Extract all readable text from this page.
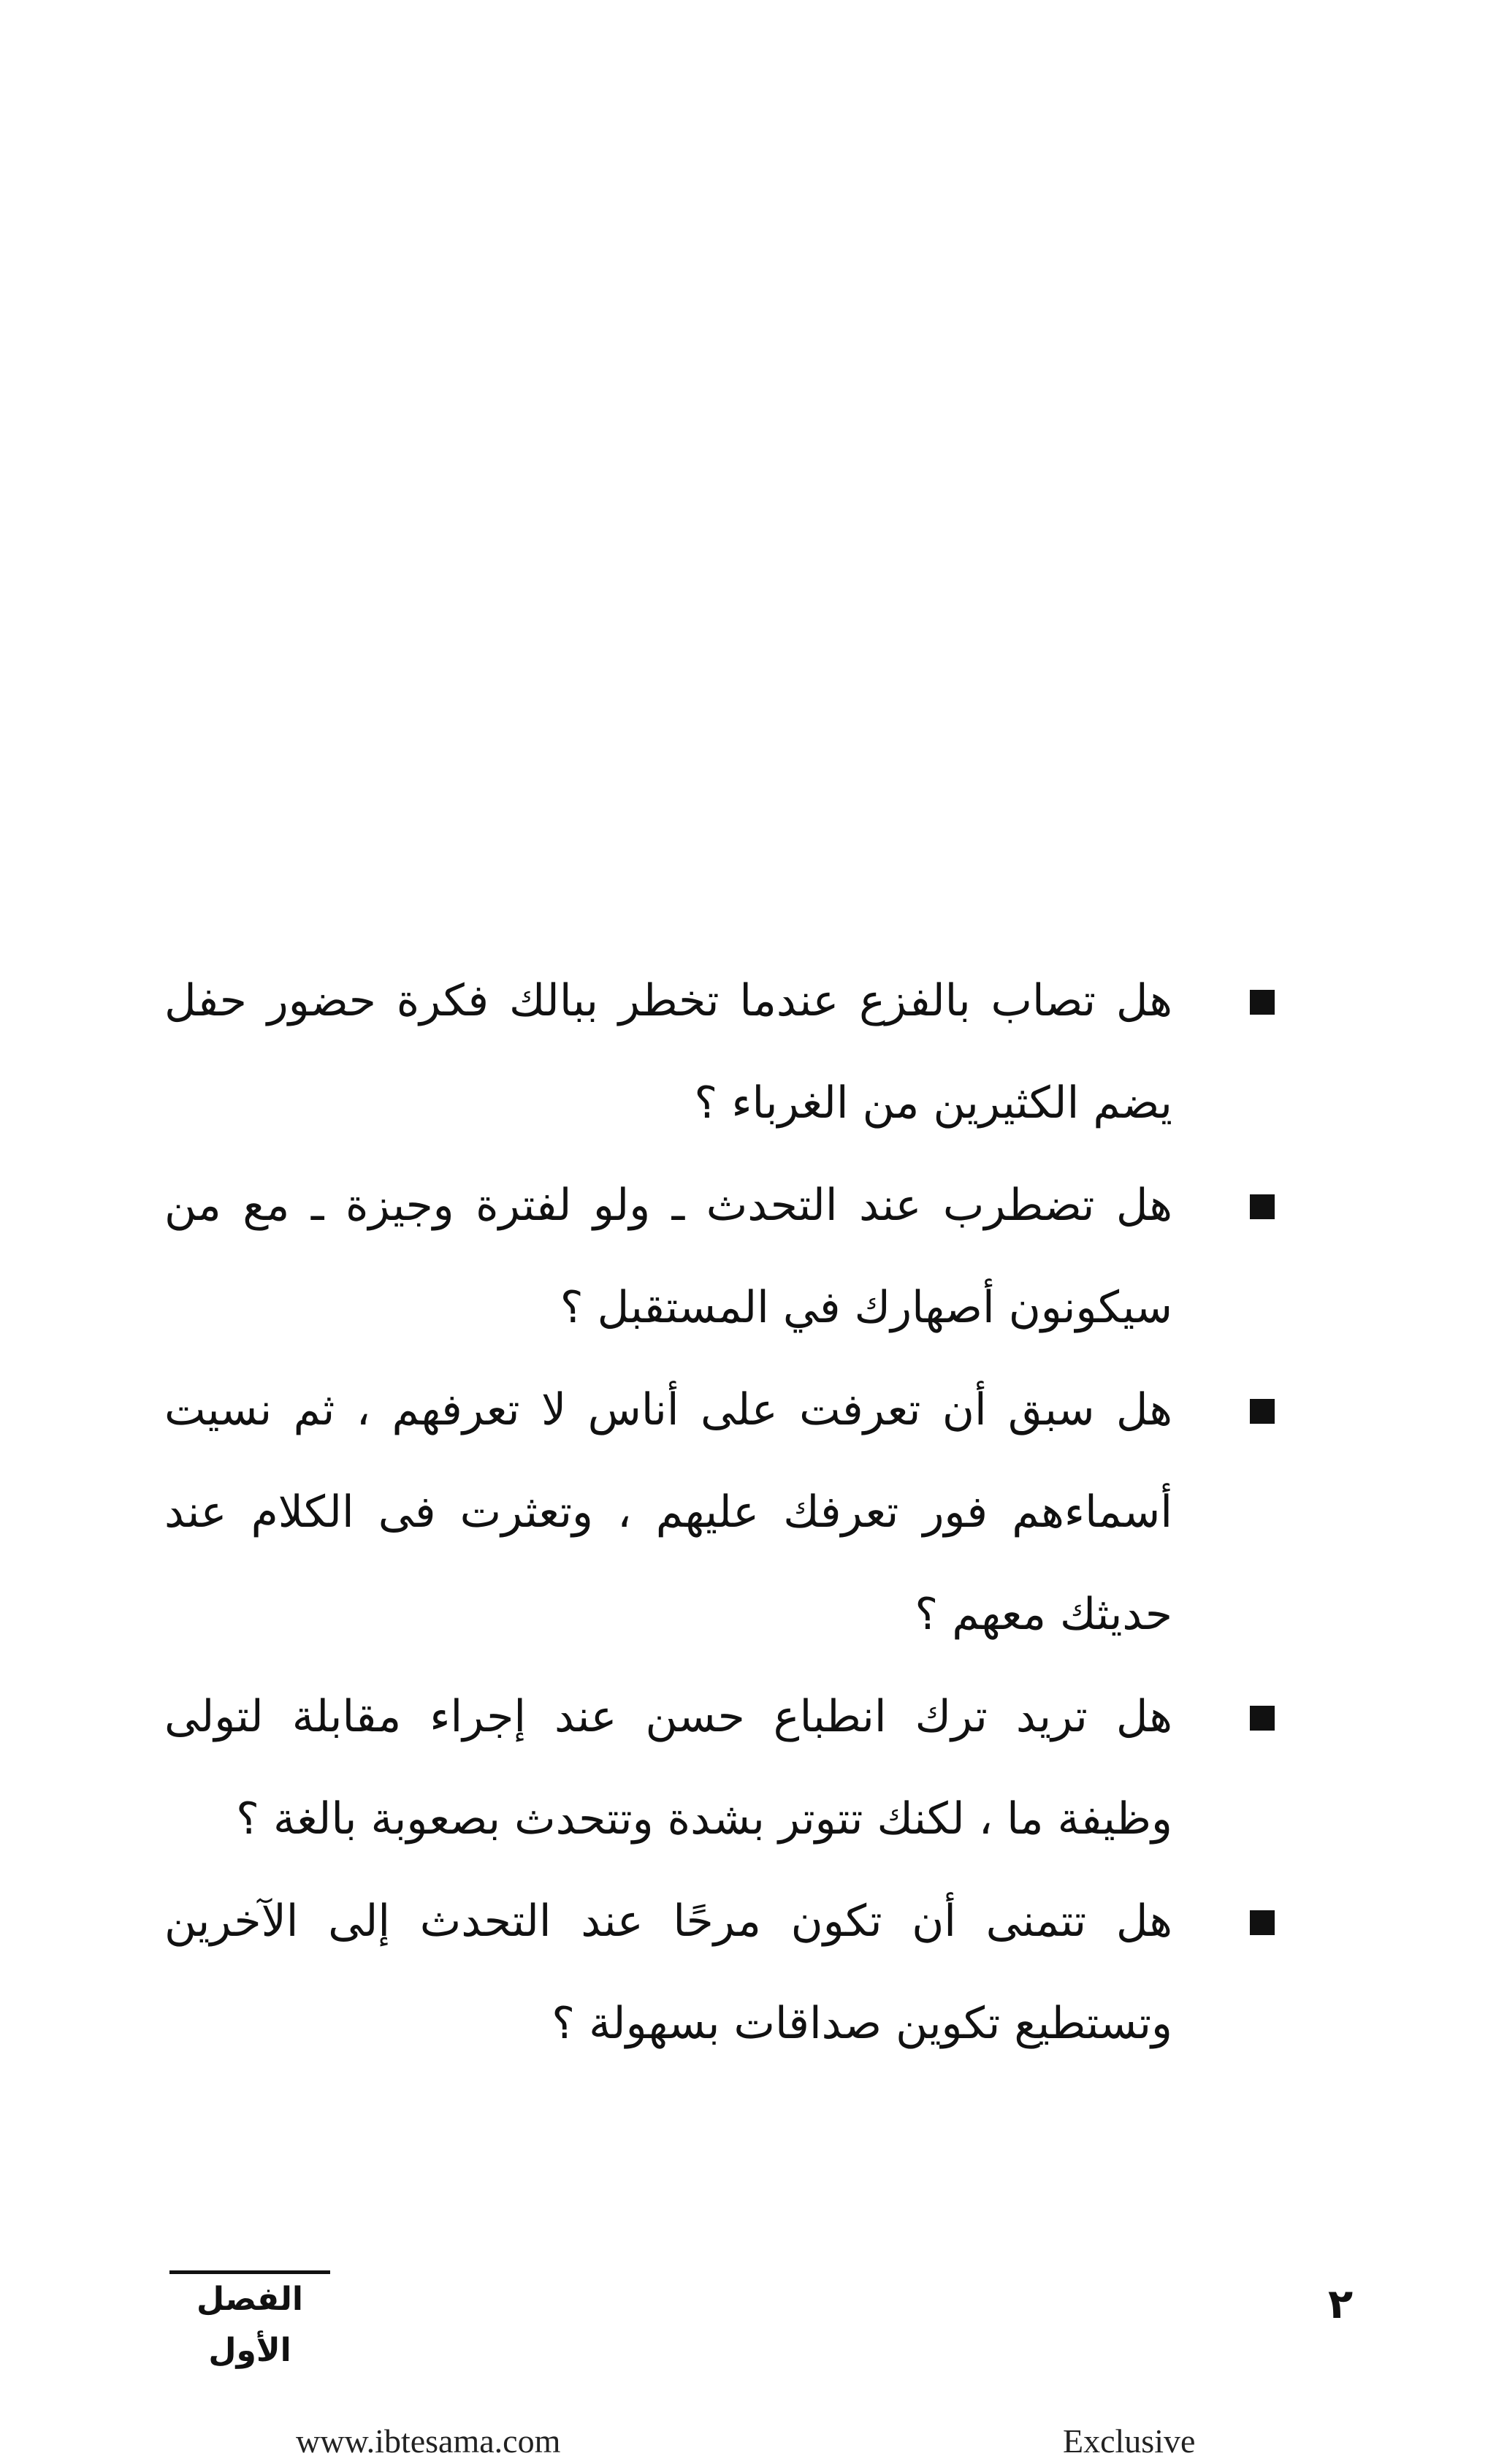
هل تصاب بالفزع عندما تخطر ببالك فكرة حضور حفل يضم الكثيرين من الغرباء ؟
هل تضطرب عند التحدث ـ ولو لفترة وجيزة ـ مع من سيكونون أصهارك في المستقبل ؟
هل سبق أن تعرفت على أناس لا تعرفهم ، ثم نسيت أسماءهم فور تعرفك عليهم ، وتعثرت فى الكلام عند حديثك معهم ؟
هل تريد ترك انطباع حسن عند إجراء مقابلة لتولى وظيفة ما ، لكنك تتوتر بشدة وتتحدث بصعوبة بالغة ؟
هل تتمنى أن تكون مرحًا عند التحدث إلى الآخرين وتستطيع تكوين صداقات بسهولة ؟
الفصل الأول
٢
www.ibtesama.com	Exclusive
